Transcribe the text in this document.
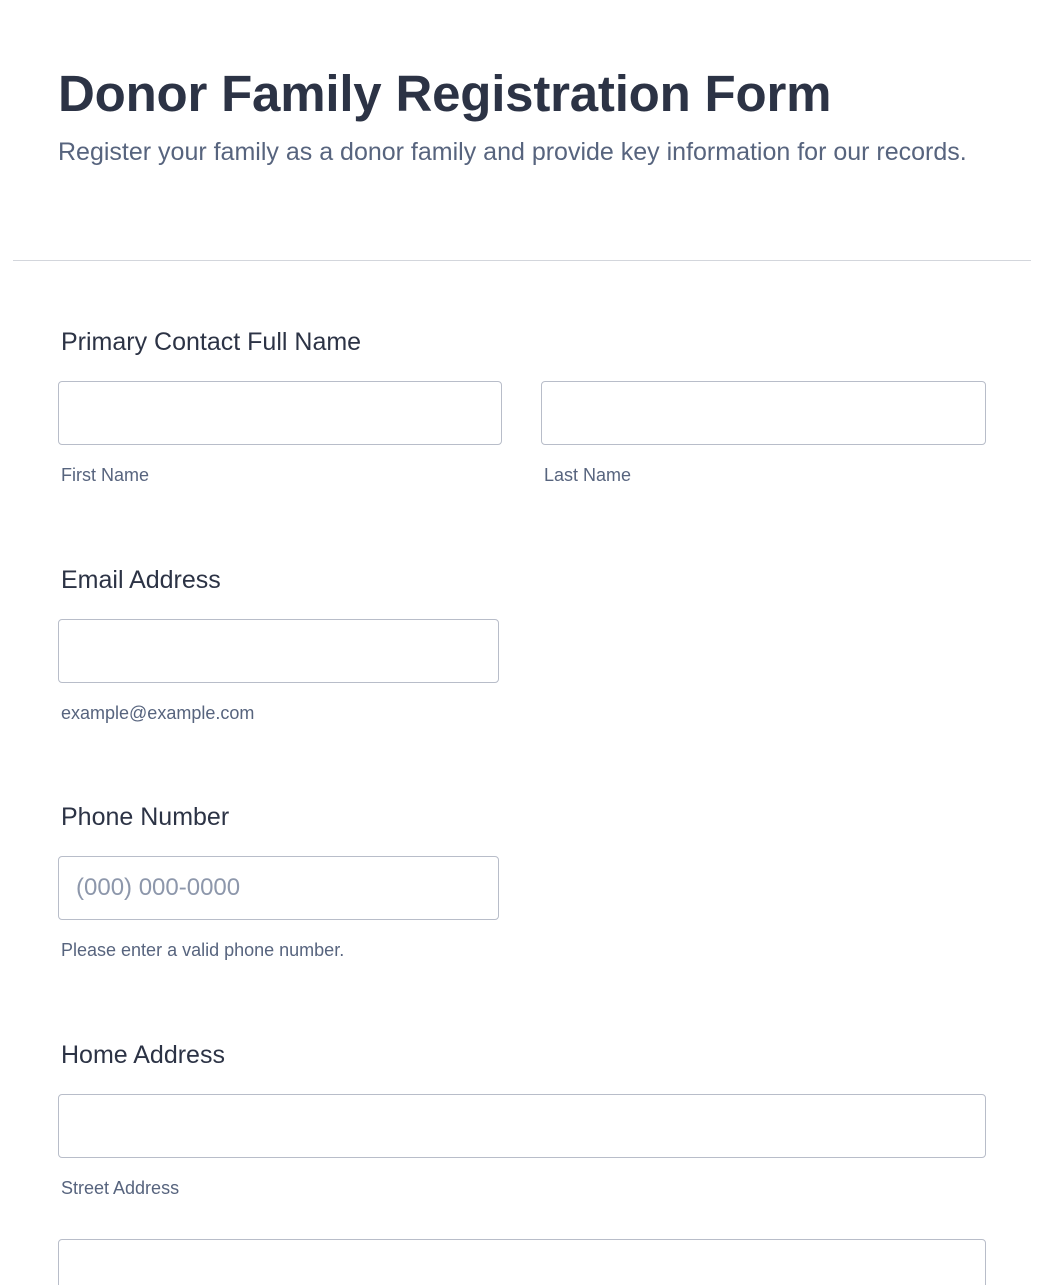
Donor Family Registration Form

Register your family as a donor family and provide key information for our records.

Primary Contact Full Name
First Name	Last Name
Email Address
example@example.com
Phone Number
(000) 000-0000
Please enter a valid phone number.
Home Address
Street Address
